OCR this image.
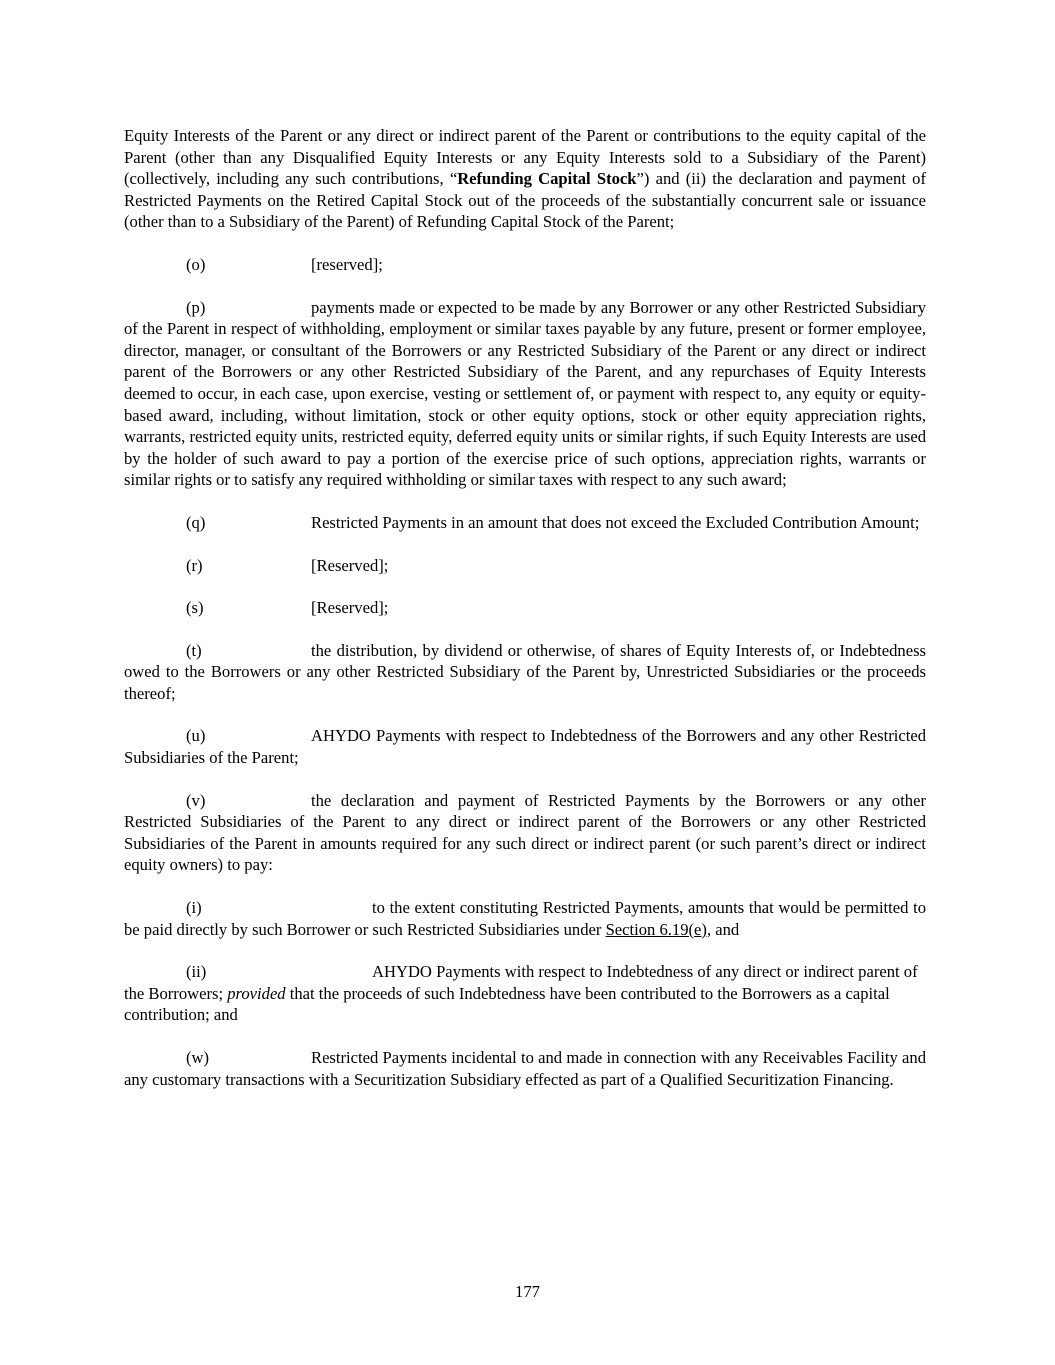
Equity Interests of the Parent or any direct or indirect parent of the Parent or contributions to the equity capital of the Parent (other than any Disqualified Equity Interests or any Equity Interests sold to a Subsidiary of the Parent) (collectively, including any such contributions, “Refunding Capital Stock”) and (ii) the declaration and payment of Restricted Payments on the Retired Capital Stock out of the proceeds of the substantially concurrent sale or issuance (other than to a Subsidiary of the Parent) of Refunding Capital Stock of the Parent;

(o)	[reserved];

(p)	payments made or expected to be made by any Borrower or any other Restricted Subsidiary of the Parent in respect of withholding, employment or similar taxes payable by any future, present or former employee, director, manager, or consultant of the Borrowers or any Restricted Subsidiary of the Parent or any direct or indirect parent of the Borrowers or any other Restricted Subsidiary of the Parent, and any repurchases of Equity Interests deemed to occur, in each case, upon exercise, vesting or settlement of, or payment with respect to, any equity or equity-based award, including, without limitation, stock or other equity options, stock or other equity appreciation rights, warrants, restricted equity units, restricted equity, deferred equity units or similar rights, if such Equity Interests are used by the holder of such award to pay a portion of the exercise price of such options, appreciation rights, warrants or similar rights or to satisfy any required withholding or similar taxes with respect to any such award;

(q)	Restricted Payments in an amount that does not exceed the Excluded Contribution Amount;

(r)	[Reserved];

(s)	[Reserved];

(t)	the distribution, by dividend or otherwise, of shares of Equity Interests of, or Indebtedness owed to the Borrowers or any other Restricted Subsidiary of the Parent by, Unrestricted Subsidiaries or the proceeds thereof;

(u)	AHYDO Payments with respect to Indebtedness of the Borrowers and any other Restricted Subsidiaries of the Parent;

(v)	the declaration and payment of Restricted Payments by the Borrowers or any other Restricted Subsidiaries of the Parent to any direct or indirect parent of the Borrowers or any other Restricted Subsidiaries of the Parent in amounts required for any such direct or indirect parent (or such parent’s direct or indirect equity owners) to pay:

(i)	to the extent constituting Restricted Payments, amounts that would be permitted to be paid directly by such Borrower or such Restricted Subsidiaries under Section 6.19(e), and

(ii)	AHYDO Payments with respect to Indebtedness of any direct or indirect parent of the Borrowers; provided that the proceeds of such Indebtedness have been contributed to the Borrowers as a capital contribution; and

(w)	Restricted Payments incidental to and made in connection with any Receivables Facility and any customary transactions with a Securitization Subsidiary effected as part of a Qualified Securitization Financing.

177
